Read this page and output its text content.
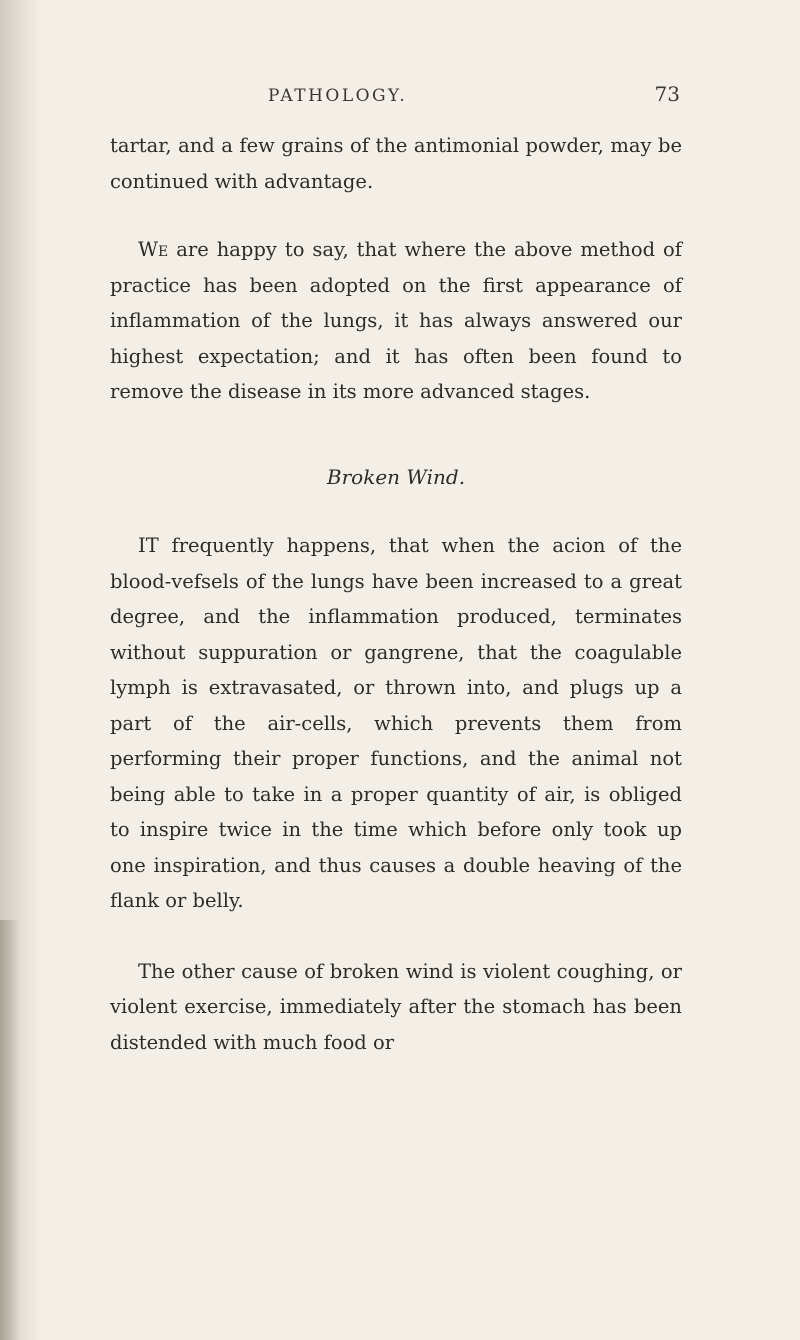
PATHOLOGY.	73

tartar, and a few grains of the antimonial powder, may be continued with advantage.

We are happy to say, that where the above method of practice has been adopted on the first appearance of inflammation of the lungs, it has always answered our highest expectation; and it has often been found to remove the disease in its more advanced stages.

Broken Wind.

IT frequently happens, that when the acion of the blood-vefsels of the lungs have been increased to a great degree, and the inflammation produced, terminates without suppuration or gangrene, that the coagulable lymph is extravasated, or thrown into, and plugs up a part of the air-cells, which prevents them from performing their proper functions, and the animal not being able to take in a proper quantity of air, is obliged to inspire twice in the time which before only took up one inspiration, and thus causes a double heaving of the flank or belly.

The other cause of broken wind is violent coughing, or violent exercise, immediately after the stomach has been distended with much food or
